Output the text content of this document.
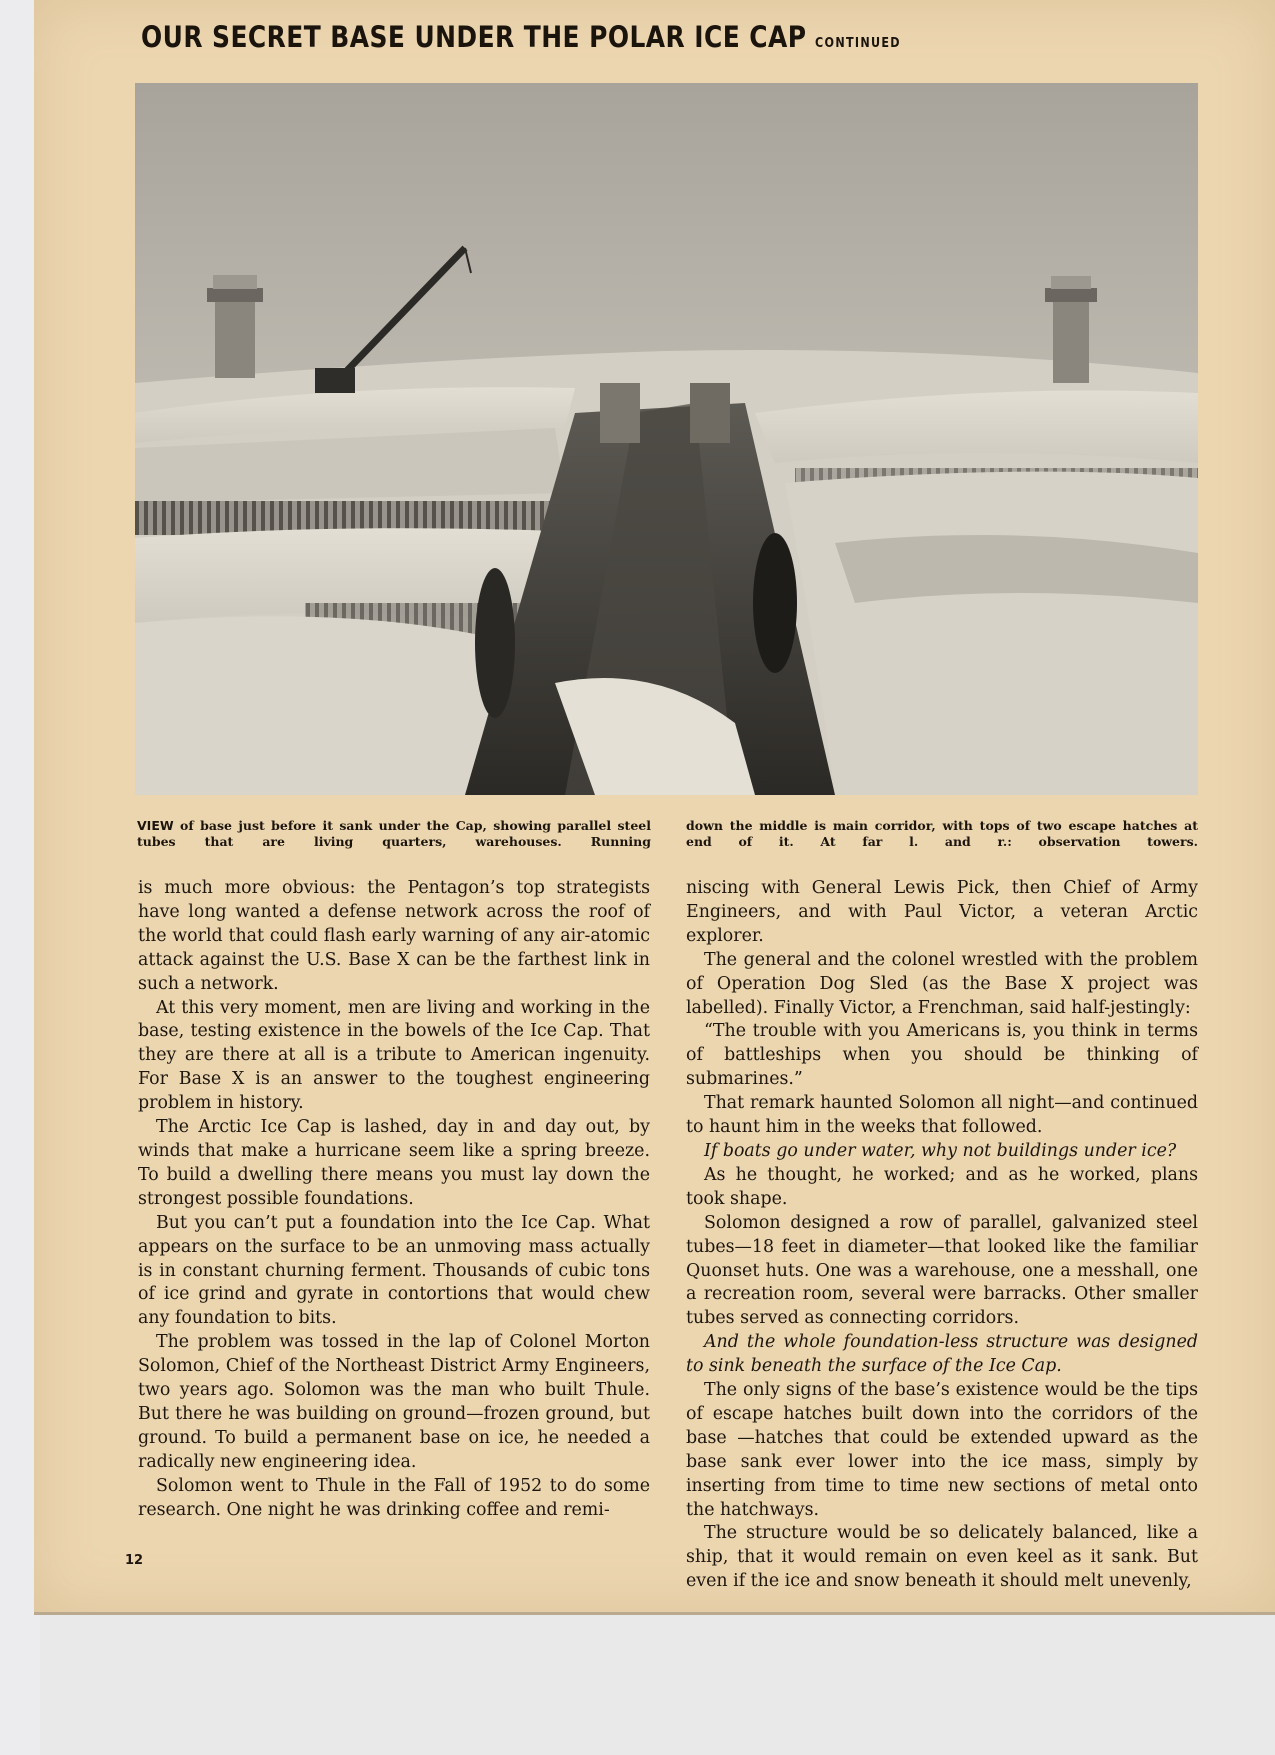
OUR SECRET BASE UNDER THE POLAR ICE CAP CONTINUED
VIEW of base just before it sank under the Cap, showing parallel steel tubes that are living quarters, warehouses. Running
down the middle is main corridor, with tops of two escape hatches at end of it. At far l. and r.: observation towers.

is much more obvious: the Pentagon’s top strategists have long wanted a defense network across the roof of the world that could flash early warning of any air-atomic attack against the U.S. Base X can be the farthest link in such a network.

At this very moment, men are living and working in the base, testing existence in the bowels of the Ice Cap. That they are there at all is a tribute to American ingenuity. For Base X is an answer to the toughest engineering problem in history.

The Arctic Ice Cap is lashed, day in and day out, by winds that make a hurricane seem like a spring breeze. To build a dwelling there means you must lay down the strongest possible foundations.

But you can’t put a foundation into the Ice Cap. What appears on the surface to be an unmoving mass actually is in constant churning ferment. Thousands of cubic tons of ice grind and gyrate in contortions that would chew any foundation to bits.

The problem was tossed in the lap of Colonel Morton Solomon, Chief of the Northeast District Army Engineers, two years ago. Solomon was the man who built Thule. But there he was building on ground—frozen ground, but ground. To build a permanent base on ice, he needed a radically new engineering idea.

Solomon went to Thule in the Fall of 1952 to do some research. One night he was drinking coffee and remi-

niscing with General Lewis Pick, then Chief of Army Engineers, and with Paul Victor, a veteran Arctic explorer.

The general and the colonel wrestled with the problem of Operation Dog Sled (as the Base X project was labelled). Finally Victor, a Frenchman, said half-jestingly:

“The trouble with you Americans is, you think in terms of battleships when you should be thinking of submarines.”

That remark haunted Solomon all night—and continued to haunt him in the weeks that followed.

If boats go under water, why not buildings under ice?

As he thought, he worked; and as he worked, plans took shape.

Solomon designed a row of parallel, galvanized steel tubes—18 feet in diameter—that looked like the familiar Quonset huts. One was a warehouse, one a messhall, one a recreation room, several were barracks. Other smaller tubes served as connecting corridors.

And the whole foundation-less structure was designed to sink beneath the surface of the Ice Cap.

The only signs of the base’s existence would be the tips of escape hatches built down into the corridors of the base —hatches that could be extended upward as the base sank ever lower into the ice mass, simply by inserting from time to time new sections of metal onto the hatchways.

The structure would be so delicately balanced, like a ship, that it would remain on even keel as it sank. But even if the ice and snow beneath it should melt unevenly,

12
